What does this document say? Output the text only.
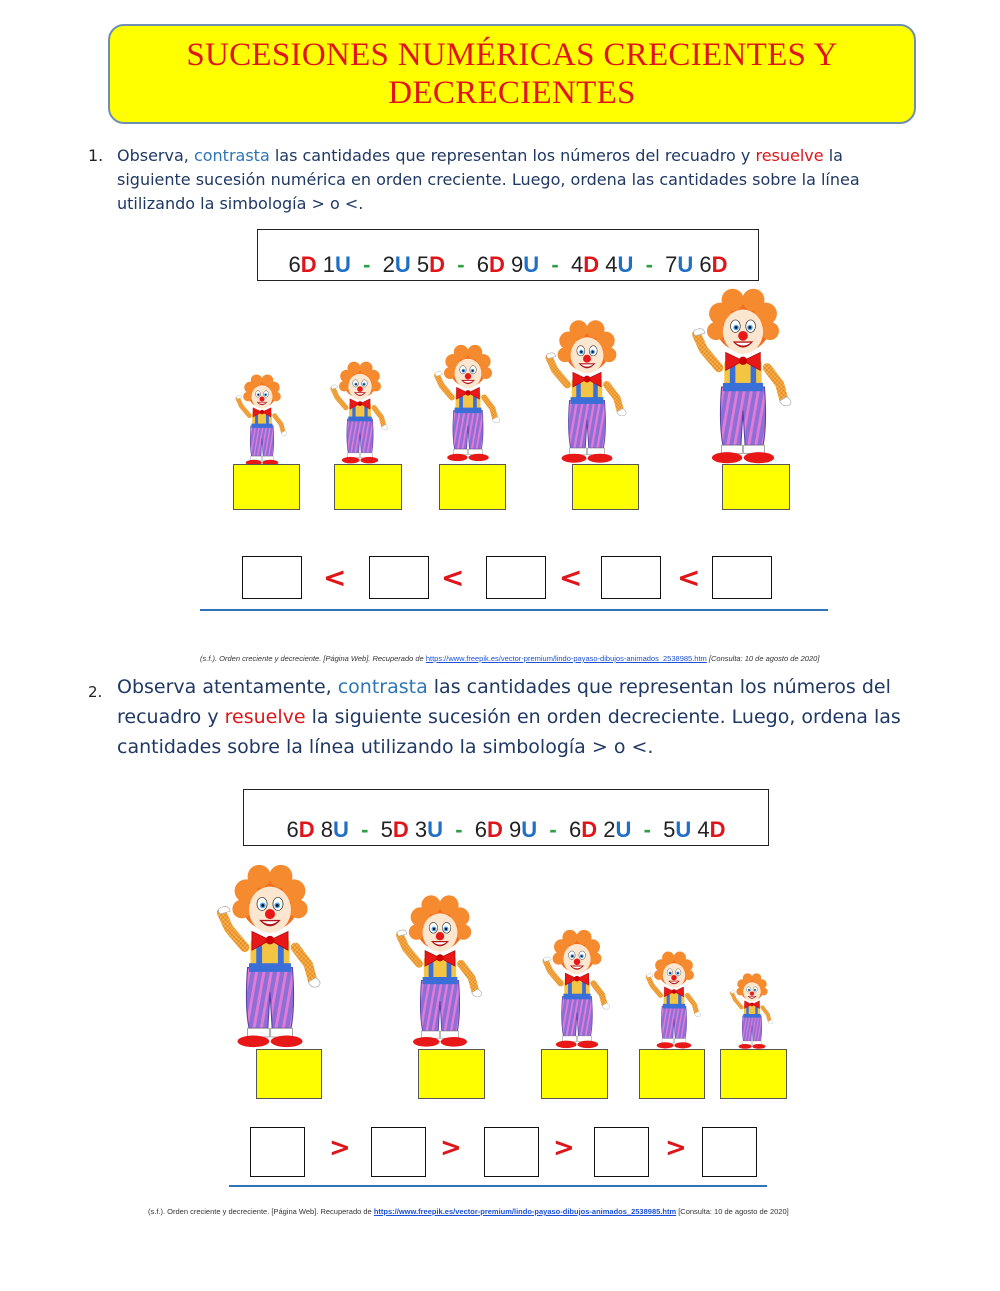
SUCESIONES NUMÉRICAS CRECIENTES Y
DECRECIENTES
1. Observa, contrasta las cantidades que representan los números del recuadro y resuelve la siguiente sucesión numérica en orden creciente. Luego, ordena las cantidades sobre la línea utilizando la simbología > o <.
6 D 1 U - 2 U 5 D - 6 D 9 U - 4 D 4 U - 7 U 6 D
<	<	<	<
(s.f.). Orden creciente y decreciente. [Página Web]. Recuperado de https://www.freepik.es/vector-premium/lindo-payaso-dibujos-animados_2538985.htm [Consulta: 10 de agosto de 2020]
2. Observa atentamente, contrasta las cantidades que representan los números del recuadro y resuelve la siguiente sucesión en orden decreciente. Luego, ordena las cantidades sobre la línea utilizando la simbología > o <.
6 D 8 U - 5 D 3 U - 6 D 9 U - 6 D 2 U - 5 U 4 D
>	>	>	>
(s.f.). Orden creciente y decreciente. [Página Web]. Recuperado de https://www.freepik.es/vector-premium/lindo-payaso-dibujos-animados_2538985.htm [Consulta: 10 de agosto de 2020]
